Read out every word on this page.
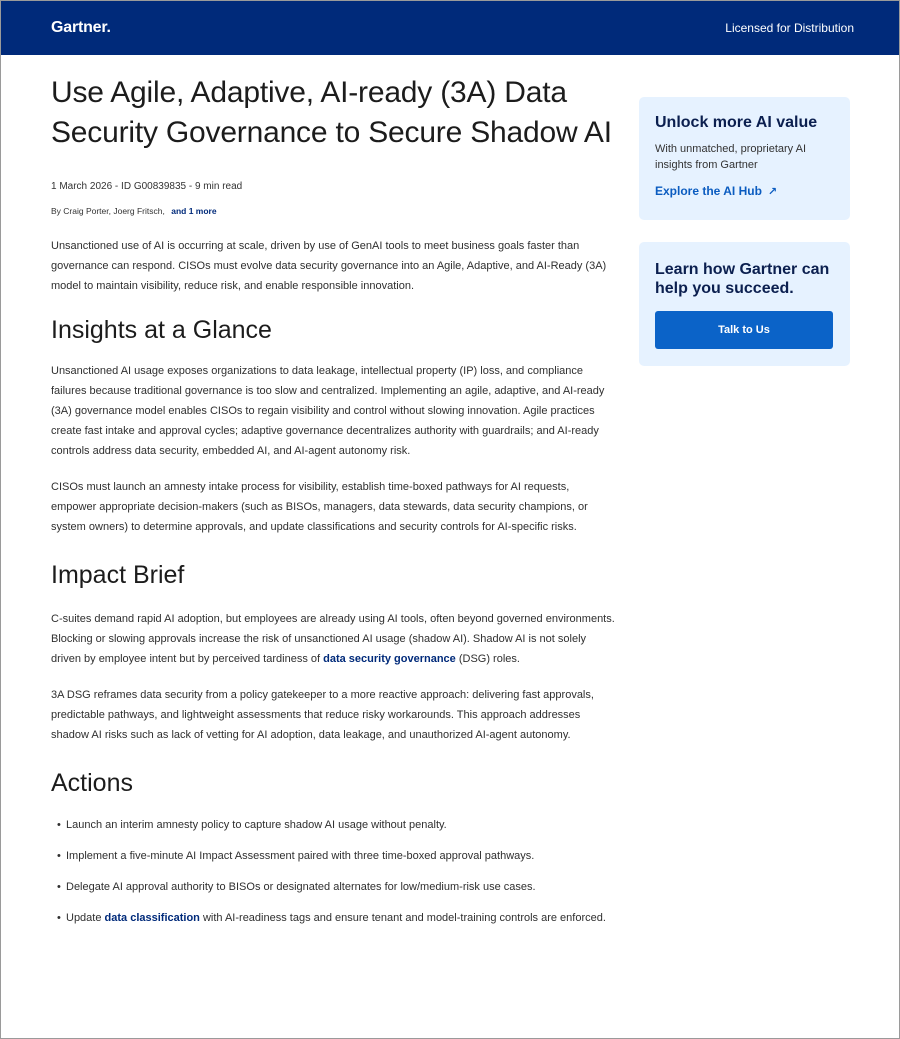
Gartner.	Licensed for Distribution
Use Agile, Adaptive, AI-ready (3A) Data Security Governance to Secure Shadow AI
1 March 2026 - ID G00839835 - 9 min read
By Craig Porter, Joerg Fritsch, and 1 more

Unsanctioned use of AI is occurring at scale, driven by use of GenAI tools to meet business goals faster than governance can respond. CISOs must evolve data security governance into an Agile, Adaptive, and AI-Ready (3A) model to maintain visibility, reduce risk, and enable responsible innovation.

Insights at a Glance

Unsanctioned AI usage exposes organizations to data leakage, intellectual property (IP) loss, and compliance failures because traditional governance is too slow and centralized. Implementing an agile, adaptive, and AI-ready (3A) governance model enables CISOs to regain visibility and control without slowing innovation. Agile practices create fast intake and approval cycles; adaptive governance decentralizes authority with guardrails; and AI-ready controls address data security, embedded AI, and AI-agent autonomy risk.

CISOs must launch an amnesty intake process for visibility, establish time-boxed pathways for AI requests, empower appropriate decision-makers (such as BISOs, managers, data stewards, data security champions, or system owners) to determine approvals, and update classifications and security controls for AI-specific risks.

Impact Brief

C-suites demand rapid AI adoption, but employees are already using AI tools, often beyond governed environments. Blocking or slowing approvals increase the risk of unsanctioned AI usage (shadow AI). Shadow AI is not solely driven by employee intent but by perceived tardiness of data security governance (DSG) roles.

3A DSG reframes data security from a policy gatekeeper to a more reactive approach: delivering fast approvals, predictable pathways, and lightweight assessments that reduce risky workarounds. This approach addresses shadow AI risks such as lack of vetting for AI adoption, data leakage, and unauthorized AI-agent autonomy.

Actions
• Launch an interim amnesty policy to capture shadow AI usage without penalty.
• Implement a five-minute AI Impact Assessment paired with three time-boxed approval pathways.
• Delegate AI approval authority to BISOs or designated alternates for low/medium-risk use cases.
• Update data classification with AI-readiness tags and ensure tenant and model-training controls are enforced.
Unlock more AI value
With unmatched, proprietary AI insights from Gartner
Explore the AI Hub ↗
Learn how Gartner can help you succeed.
Talk to Us
